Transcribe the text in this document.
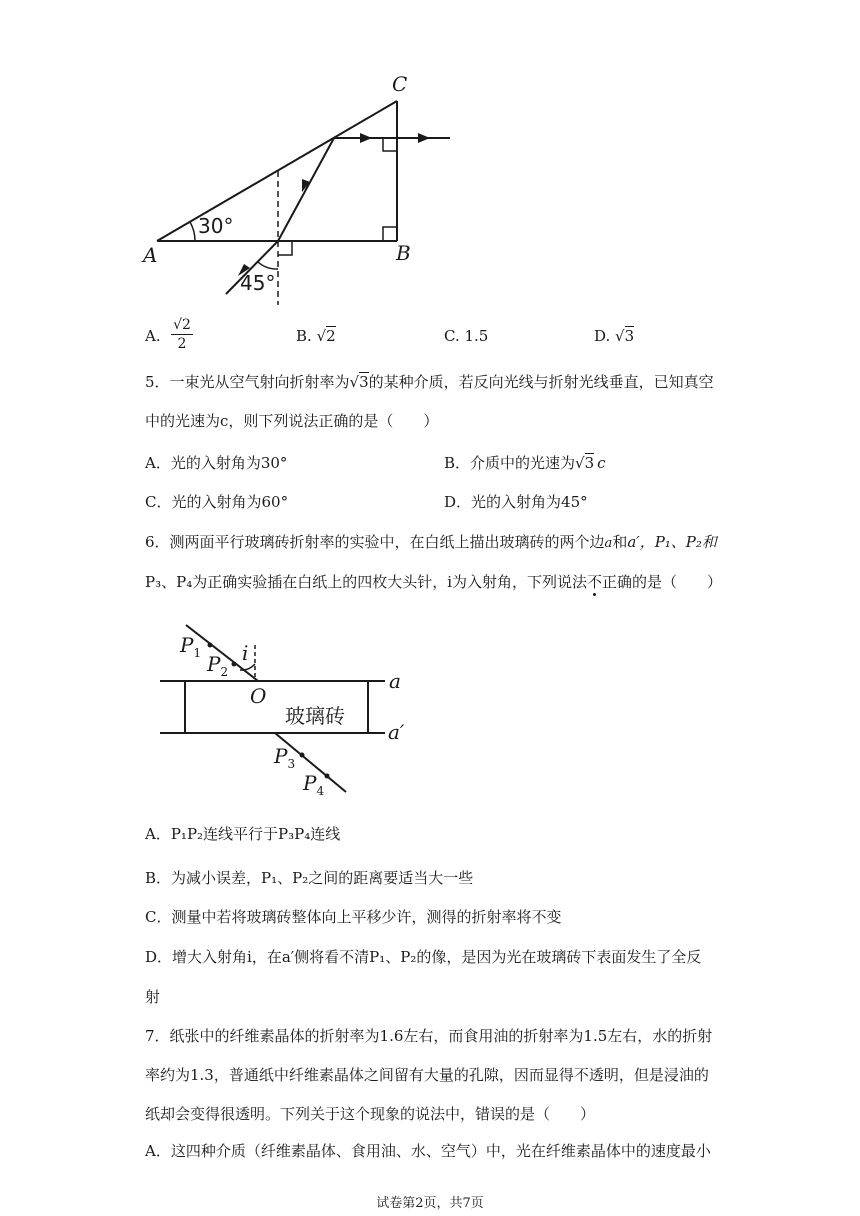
C
A	B
30°
45°
A. $\frac{√2}{2}$	B. √2	C. 1.5	D. √3
5．一束光从空气射向折射率为√3的某种介质，若反向光线与折射光线垂直，已知真空
中的光速为c，则下列说法正确的是（　　）
A．光的入射角为30°	B．介质中的光速为√3 c
C．光的入射角为60°	D．光的入射角为45°
6．测两面平行玻璃砖折射率的实验中，在白纸上描出玻璃砖的两个边a和a′，P₁、P₂和
P₃、P₄为正确实验插在白纸上的四枚大头针，i为入射角，下列说法不正确的是（　　）
$P_1$ $P_2$
i
O
玻璃砖
a
a′
$P_3$
$P_4$
A．P₁P₂连线平行于P₃P₄连线
B．为减小误差，P₁、P₂之间的距离要适当大一些
C．测量中若将玻璃砖整体向上平移少许，测得的折射率将不变
D．增大入射角i，在a′侧将看不清P₁、P₂的像，是因为光在玻璃砖下表面发生了全反
射
7．纸张中的纤维素晶体的折射率为1.6左右，而食用油的折射率为1.5左右，水的折射
率约为1.3，普通纸中纤维素晶体之间留有大量的孔隙，因而显得不透明，但是浸油的
纸却会变得很透明。下列关于这个现象的说法中，错误的是（　　）
A．这四种介质（纤维素晶体、食用油、水、空气）中，光在纤维素晶体中的速度最小
试卷第2页，共7页
